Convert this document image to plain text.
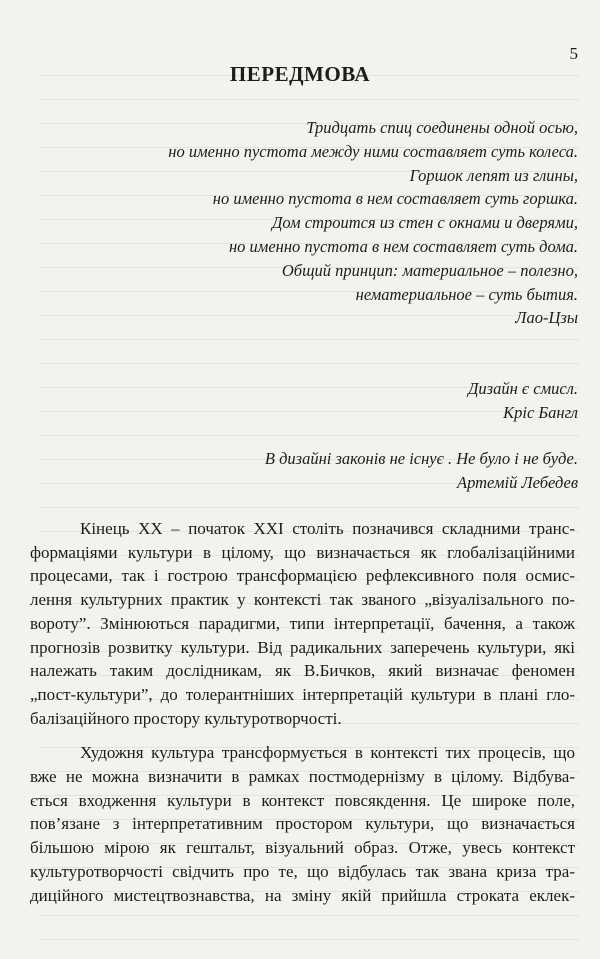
5
ПЕРЕДМОВА
Тридцать спиц соединены одной осью,
но именно пустота между ними составляет суть колеса.
Горшок лепят из глины,
но именно пустота в нем составляет суть горшка.
Дом строится из стен с окнами и дверями,
но именно пустота в нем составляет суть дома.
Общий принцип: материальное – полезно,
нематериальное – суть бытия.
Лао-Цзы
Дизайн є смисл.
Кріс Бангл
В дизайні законів не існує . Не було і не буде.
Артемій Лебедев
Кінець XX – початок XXI століть позначився складними транс-
формаціями культури в цілому, що визначається як глобалізаційними
процесами, так і гострою трансформацією рефлексивного поля осмис-
лення культурних практик у контексті так званого „візуалізального по-
вороту”. Змінюються парадигми, типи інтерпретації, бачення, а також
прогнозів розвитку культури. Від радикальних заперечень культури, які
належать таким дослідникам, як В.Бичков, який визначає феномен
„пост-культури”, до толерантніших інтерпретацій культури в плані гло-
балізаційного простору культуротворчості.
Художня культура трансформується в контексті тих процесів, що
вже не можна визначити в рамках постмодернізму в цілому. Відбува-
ється входження культури в контекст повсякдення. Це широке поле,
пов’язане з інтерпретативним простором культури, що визначається
більшою мірою як гештальт, візуальний образ. Отже, увесь контекст
культуротворчості свідчить про те, що відбулась так звана криза тра-
диційного мистецтвознавства, на зміну якій прийшла строката еклек-
